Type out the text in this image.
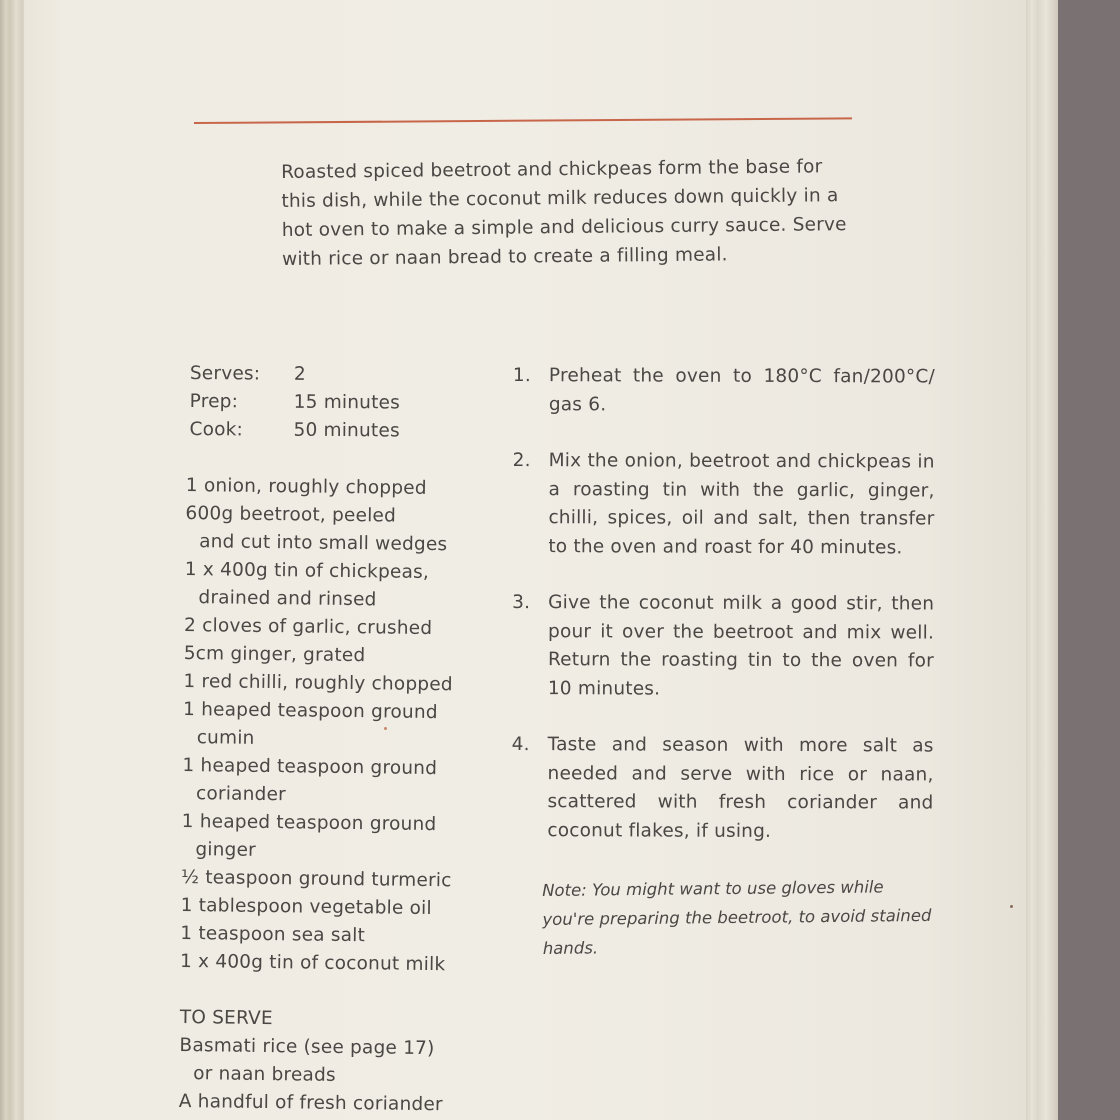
Roasted spiced beetroot and chickpeas form the base for this dish, while the coconut milk reduces down quickly in a hot oven to make a simple and delicious curry sauce. Serve with rice or naan bread to create a filling meal.
Serves:	2
Prep:	15 minutes
Cook:	50 minutes
1 onion, roughly chopped
600g beetroot, peeled
and cut into small wedges
1 x 400g tin of chickpeas,
drained and rinsed
2 cloves of garlic, crushed
5cm ginger, grated
1 red chilli, roughly chopped
1 heaped teaspoon ground
cumin
1 heaped teaspoon ground
coriander
1 heaped teaspoon ground
ginger
½ teaspoon ground turmeric
1 tablespoon vegetable oil
1 teaspoon sea salt
1 x 400g tin of coconut milk
TO SERVE
Basmati rice (see page 17)
or naan breads
A handful of fresh coriander
1. Preheat the oven to 180°C fan/200°C/ gas 6.
2. Mix the onion, beetroot and chickpeas in a roasting tin with the garlic, ginger, chilli, spices, oil and salt, then transfer to the oven and roast for 40 minutes.
3. Give the coconut milk a good stir, then pour it over the beetroot and mix well. Return the roasting tin to the oven for 10 minutes.
4. Taste and season with more salt as needed and serve with rice or naan, scattered with fresh coriander and coconut flakes, if using.
Note: You might want to use gloves while you're preparing the beetroot, to avoid stained hands.
